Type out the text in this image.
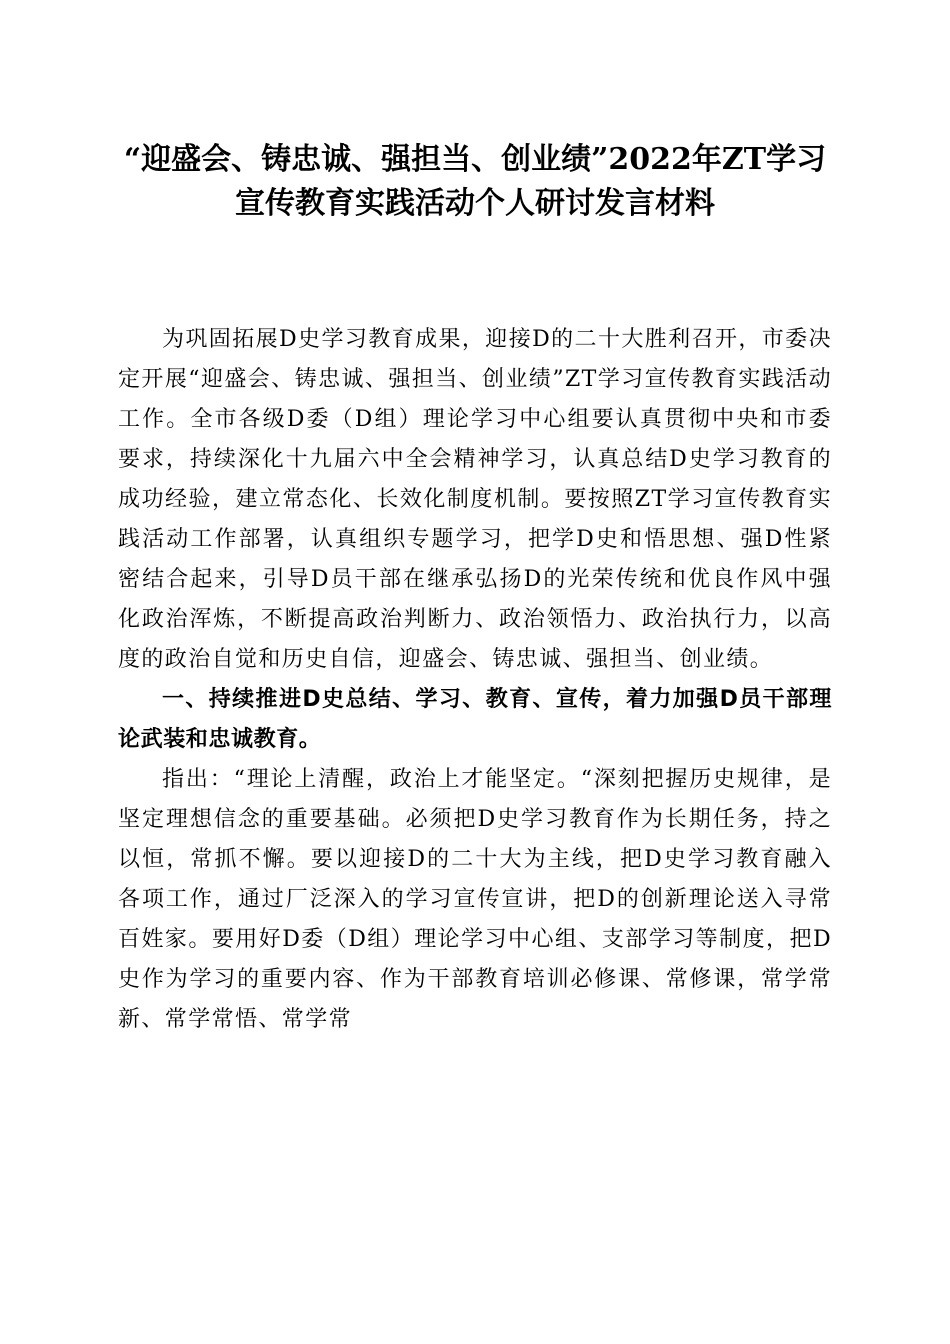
“迎盛会、铸忠诚、强担当、创业绩”2022年ZT学习宣传教育实践活动个人研讨发言材料

为巩固拓展D史学习教育成果，迎接D的二十大胜利召开，市委决定开展“迎盛会、铸忠诚、强担当、创业绩”ZT学习宣传教育实践活动工作。全市各级D委（D组）理论学习中心组要认真贯彻中央和市委要求，持续深化十九届六中全会精神学习，认真总结D史学习教育的成功经验，建立常态化、长效化制度机制。要按照ZT学习宣传教育实践活动工作部署，认真组织专题学习，把学D史和悟思想、强D性紧密结合起来，引导D员干部在继承弘扬D的光荣传统和优良作风中强化政治浑炼，不断提高政治判断力、政治领悟力、政治执行力，以高度的政治自觉和历史自信，迎盛会、铸忠诚、强担当、创业绩。

一、持续推进D史总结、学习、教育、宣传，着力加强D员干部理论武装和忠诚教育。

指出：“理论上清醒，政治上才能坚定。“深刻把握历史规律，是坚定理想信念的重要基础。必须把D史学习教育作为长期任务，持之以恒，常抓不懈。要以迎接D的二十大为主线，把D史学习教育融入各项工作，通过厂泛深入的学习宣传宣讲，把D的创新理论送入寻常百姓家。要用好D委（D组）理论学习中心组、支部学习等制度，把D史作为学习的重要内容、作为干部教育培训必修课、常修课，常学常新、常学常悟、常学常
